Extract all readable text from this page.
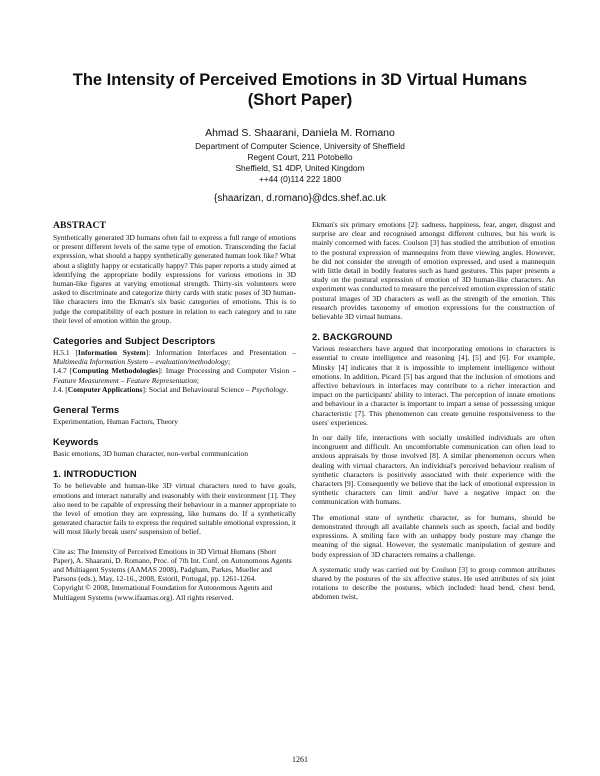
The Intensity of Perceived Emotions in 3D Virtual Humans
(Short Paper)
Ahmad S. Shaarani, Daniela M. Romano
Department of Computer Science, University of Sheffield
Regent Court, 211 Potobello
Sheffield, S1 4DP, United Kingdom
++44 (0)114 222 1800
{shaarizan, d.romano}@dcs.shef.ac.uk
ABSTRACT

Synthetically generated 3D humans often fail to express a full range of emotions or present different levels of the same type of emotion. Transcending the facial expression, what should a happy synthetically generated human look like? What about a slightly happy or ecstatically happy? This paper reports a study aimed at identifying the appropriate bodily expressions for various emotions in 3D human-like figures at varying emotional strength. Thirty-six volunteers were asked to discriminate and categorize thirty cards with static poses of 3D human-like characters into the Ekman's six basic categories of emotions. This is to judge the compatibility of each posture in relation to each category and to rate their level of emotion within the group.

Categories and Subject Descriptors

H.5.1 [Information System]: Information Interfaces and Presentation – Multimedia Information System – evaluation/methodology;

I.4.7 [Computing Methodologies]: Image Processing and Computer Vision – Feature Measurement – Feature Representation;

J.4. [Computer Applications]: Social and Behavioural Science – Psychology.

General Terms

Experimentation, Human Factors, Theory

Keywords

Basic emotions, 3D human character, non-verbal communication

1. INTRODUCTION

To be believable and human-like 3D virtual characters need to have goals, emotions and interact naturally and reasonably with their environment [1]. They also need to be capable of expressing their behaviour in a manner appropriate to the level of emotion they are expressing, like humans do. If a synthetically generated character fails to express the required suitable emotional expression, it will most likely break users' suspension of belief.

Cite as: The Intensity of Perceived Emotions in 3D Virtual Humans (Short Paper), A. Shaarani, D. Romano, Proc. of 7th Int. Conf. on Autonomous Agents and Multiagent Systems (AAMAS 2008), Padgham, Parkes, Mueller and Parsons (eds.), May, 12-16., 2008, Estoril, Portugal, pp. 1261-1264.

Copyright © 2008, International Foundation for Autonomous Agents and Multiagent Systems (www.ifaamas.org). All rights reserved.

Ekman's six primary emotions [2]: sadness, happiness, fear, anger, disgust and surprise are clear and recognised amongst different cultures, but his work is mainly concerned with faces. Coulson [3] has studied the attribution of emotion to the postural expression of mannequins from three viewing angles. However, he did not consider the strength of emotion expressed, and used a mannequin with little detail in bodily features such as hand gestures. This paper presents a study on the postural expression of emotion of 3D human-like characters. An experiment was conducted to measure the perceived emotion expression of static postural images of 3D characters as well as the strength of the emotion. This research provides taxonomy of emotion expressions for the construction of believable 3D virtual humans.

2. BACKGROUND

Various researchers have argued that incorporating emotions in characters is essential to create intelligence and reasoning [4], [5] and [6]. For example, Minsky [4] indicates that it is impossible to implement intelligence without emotions. In addition, Picard [5] has argued that the inclusion of emotions and affective behaviours in interfaces may contribute to a richer interaction and impact on the participants' ability to interact. The perception of innate emotions and behaviour in a character is important to impart a sense of possessing unique characteristic [7]. This phenomenon can create genuine responsiveness to the users' experiences.

In our daily life, interactions with socially unskilled individuals are often incongruent and difficult. An uncomfortable communication can often lead to anxious appraisals by those involved [8]. A similar phenomenon occurs when dealing with virtual characters. An individual's perceived behaviour realism of synthetic characters is positively associated with their experience with the characters [9]. Consequently we believe that the lack of emotional expression in synthetic characters can limit and/or have a negative impact on the communication with humans.

The emotional state of synthetic character, as for humans, should be demonstrated through all available channels such as speech, facial and bodily expressions. A smiling face with an unhappy body posture may change the meaning of the signal. However, the systematic manipulation of gesture and body expression of 3D characters remains a challenge.

A systematic study was carried out by Coulson [3] to group common attributes shared by the postures of the six affective states. He used attributes of six joint rotations to describe the postures, which included: head bend, chest bend, abdomen twist,

1261
